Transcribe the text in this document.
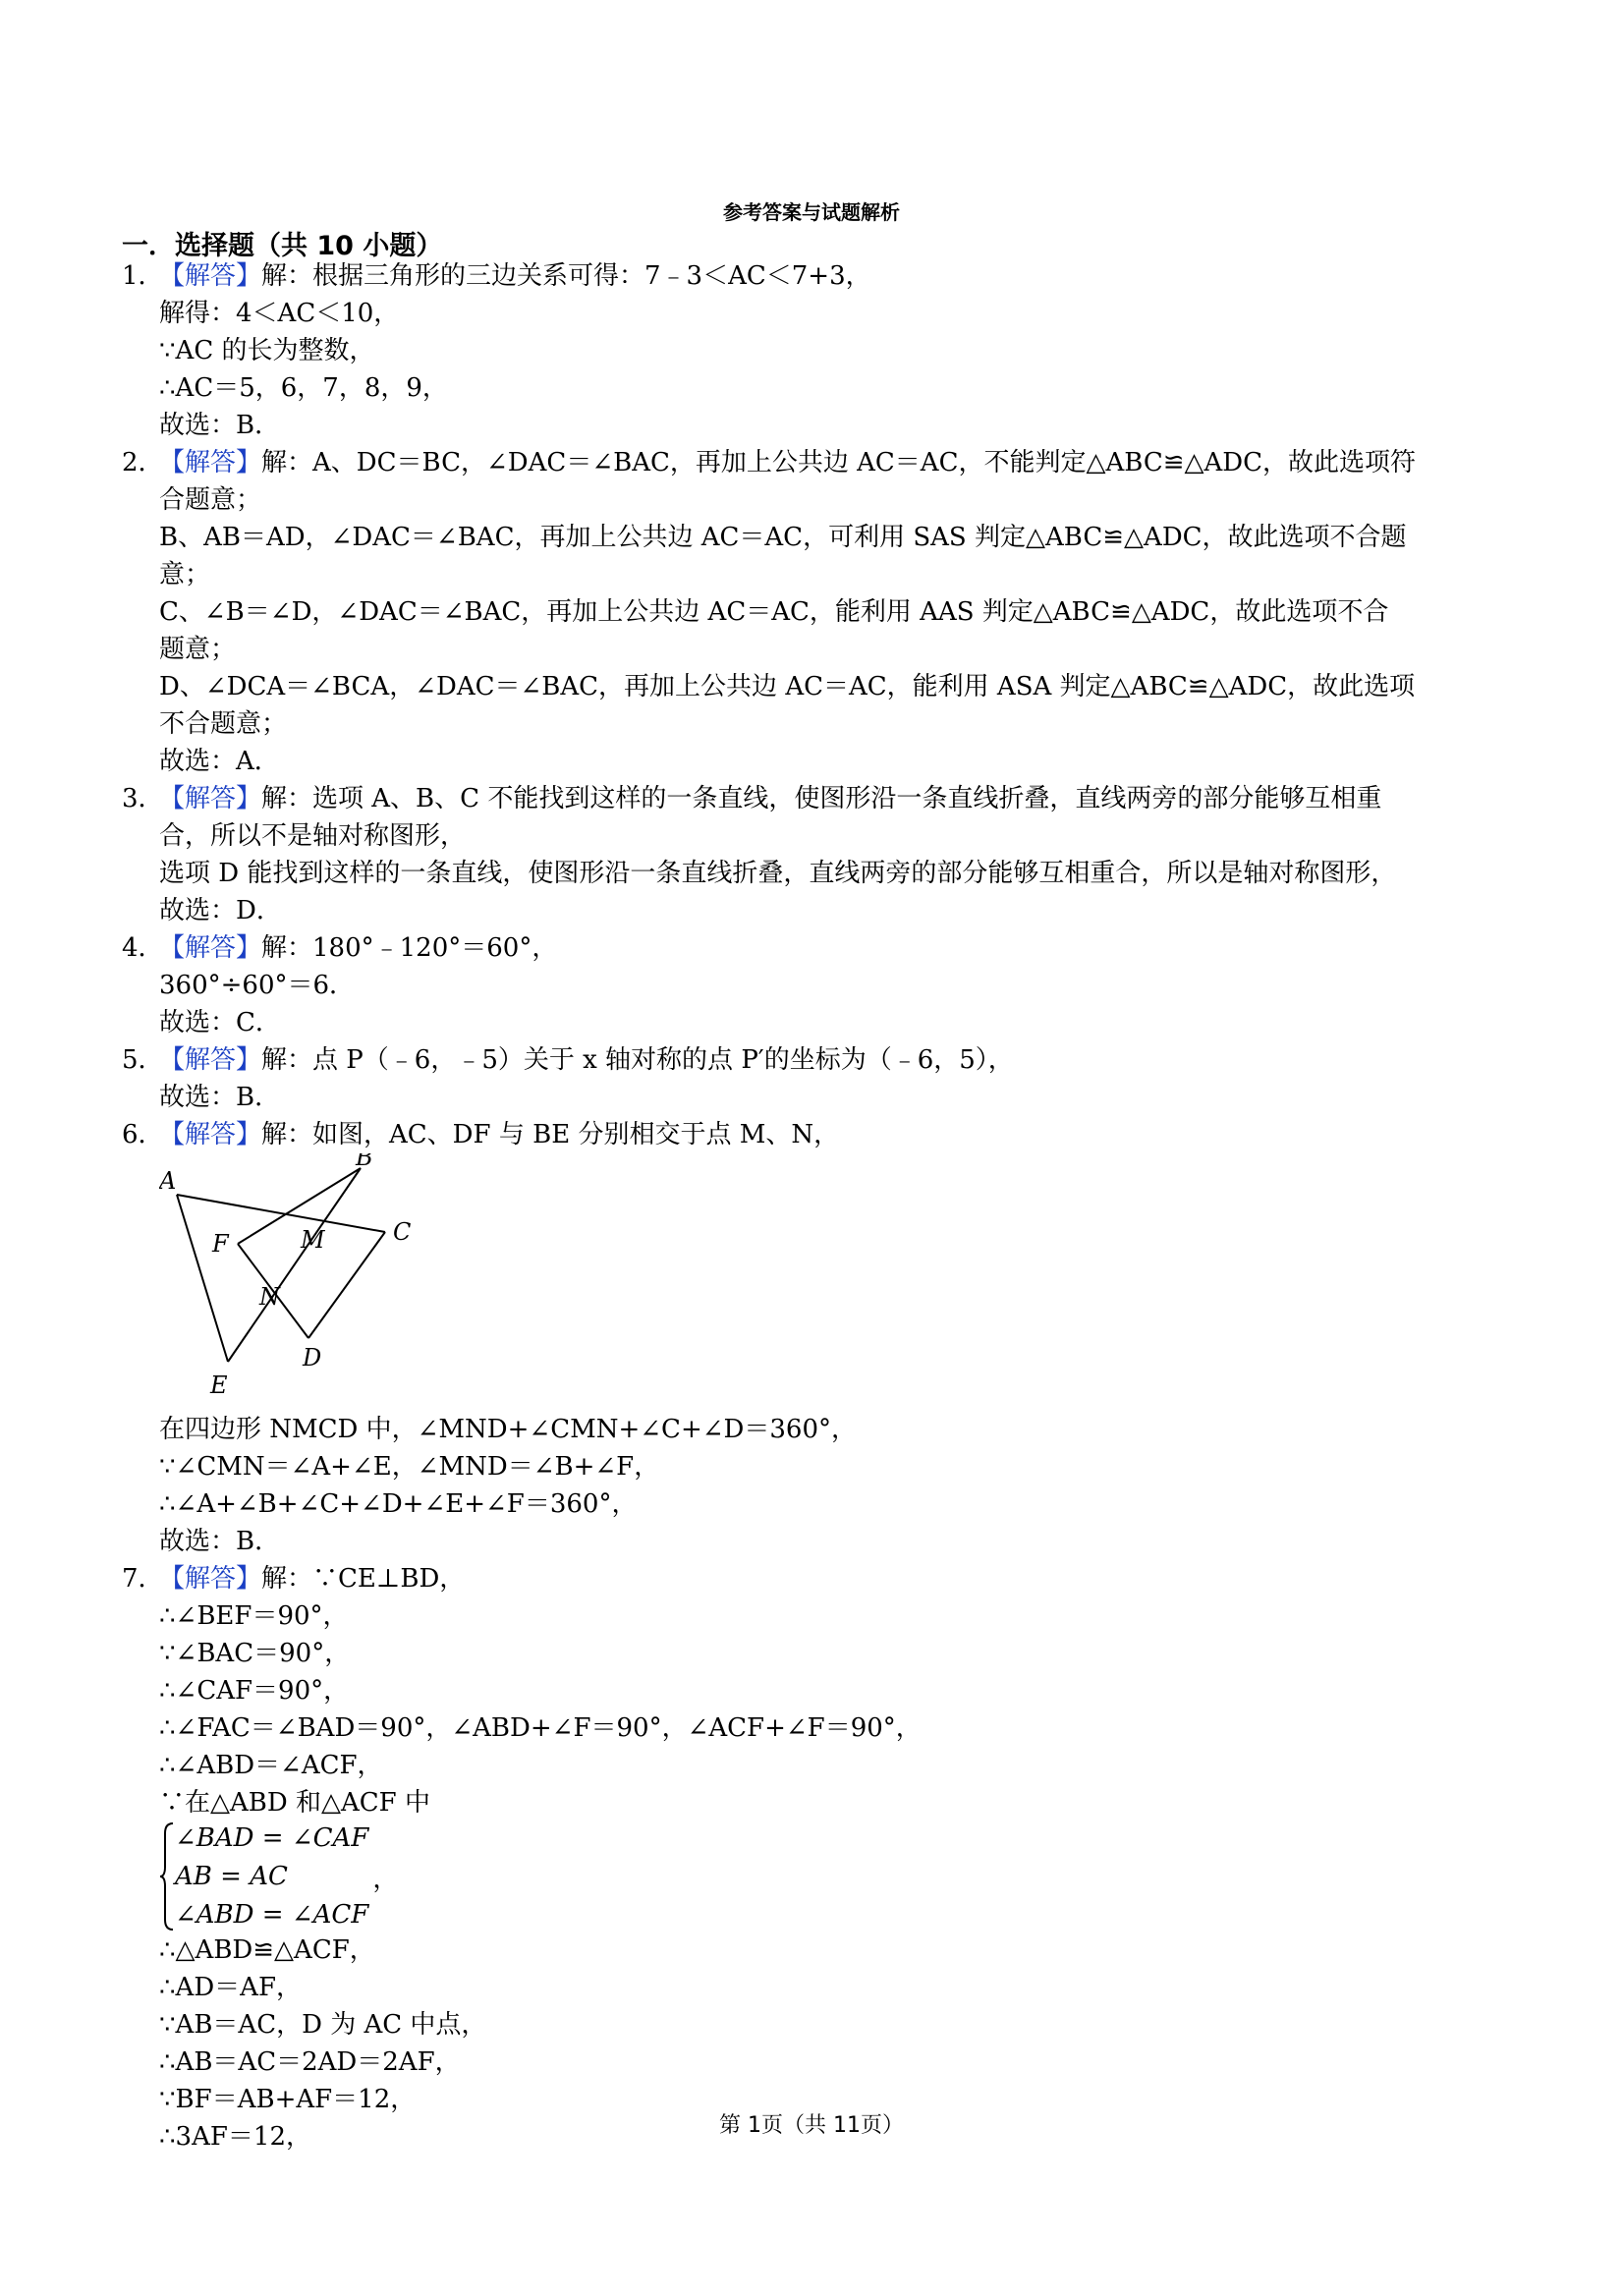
参考答案与试题解析
一．选择题（共 10 小题）
1．【解答】解：根据三角形的三边关系可得：7﹣3＜AC＜7+3，
解得：4＜AC＜10，
∵AC 的长为整数，
∴AC＝5，6，7，8，9，
故选：B．
2．【解答】解：A、DC＝BC，∠DAC＝∠BAC，再加上公共边 AC＝AC，不能判定△ABC≌△ADC，故此选项符
合题意；
B、AB＝AD，∠DAC＝∠BAC，再加上公共边 AC＝AC，可利用 SAS 判定△ABC≌△ADC，故此选项不合题
意；
C、∠B＝∠D，∠DAC＝∠BAC，再加上公共边 AC＝AC，能利用 AAS 判定△ABC≌△ADC，故此选项不合
题意；
D、∠DCA＝∠BCA，∠DAC＝∠BAC，再加上公共边 AC＝AC，能利用 ASA 判定△ABC≌△ADC，故此选项
不合题意；
故选：A．
3．【解答】解：选项 A、B、C 不能找到这样的一条直线，使图形沿一条直线折叠，直线两旁的部分能够互相重
合，所以不是轴对称图形，
选项 D 能找到这样的一条直线，使图形沿一条直线折叠，直线两旁的部分能够互相重合，所以是轴对称图形，
故选：D．
4．【解答】解：180°﹣120°＝60°，
360°÷60°＝6．
故选：C．
5．【解答】解：点 P（﹣6，﹣5）关于 x 轴对称的点 P′的坐标为（﹣6，5），
故选：B．
6．【解答】解：如图，AC、DF 与 BE 分别相交于点 M、N，
A
B
C
D
E
F	M
N
在四边形 NMCD 中，∠MND+∠CMN+∠C+∠D＝360°，
∵∠CMN＝∠A+∠E，∠MND＝∠B+∠F，
∴∠A+∠B+∠C+∠D+∠E+∠F＝360°，
故选：B．
7．【解答】解：∵CE⊥BD，
∴∠BEF＝90°，
∵∠BAC＝90°，
∴∠CAF＝90°，
∴∠FAC＝∠BAD＝90°，∠ABD+∠F＝90°，∠ACF+∠F＝90°，
∴∠ABD＝∠ACF，
∵在△ABD 和△ACF 中
∠BAD = ∠CAF
AB = AC
∠ABD = ∠ACF
，
∴△ABD≌△ACF，
∴AD＝AF，
∵AB＝AC，D 为 AC 中点，
∴AB＝AC＝2AD＝2AF，
∵BF＝AB+AF＝12，
∴3AF＝12，	第 1页（共 11页）
